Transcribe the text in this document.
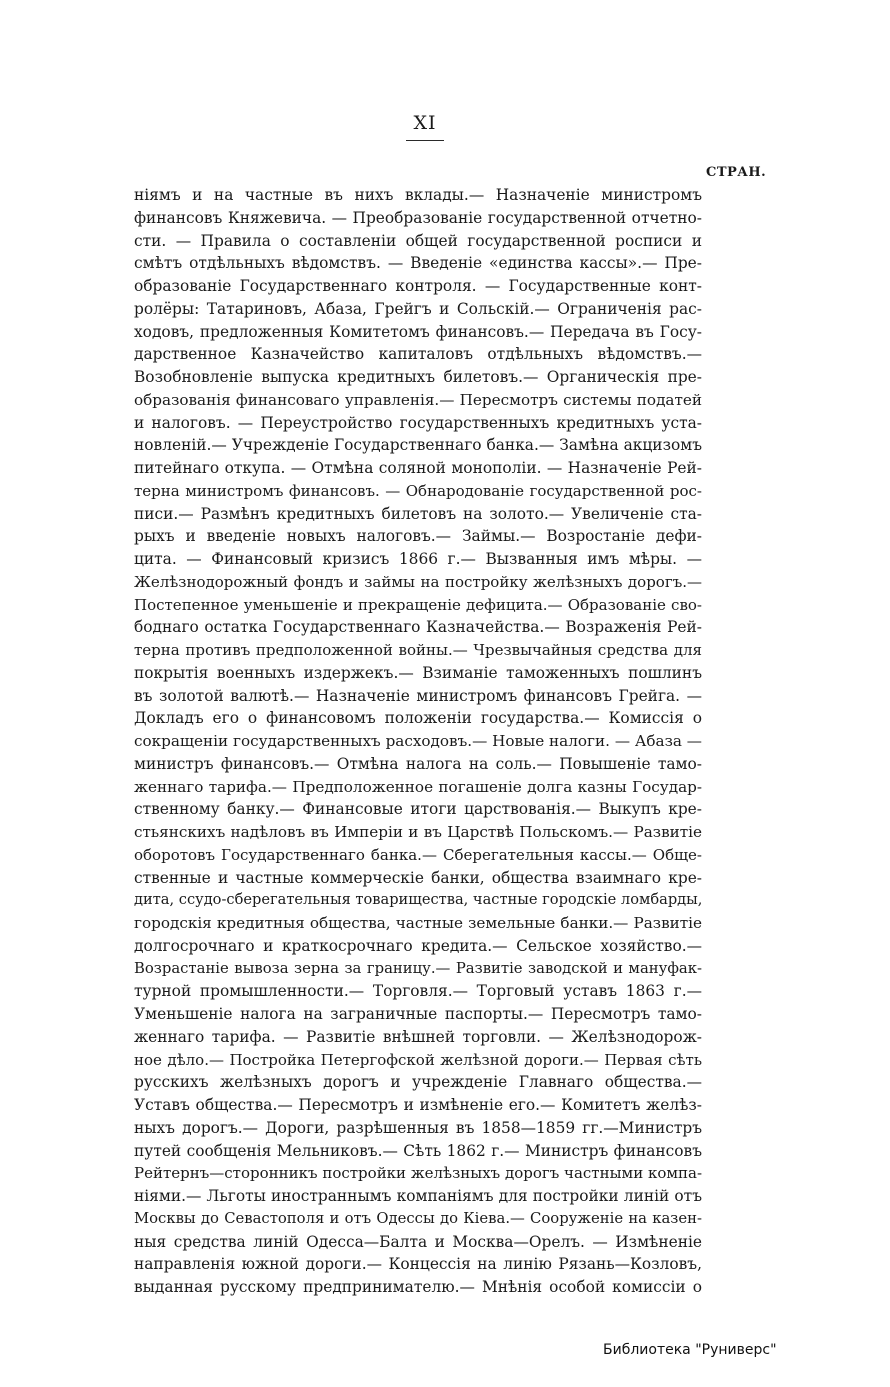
XI
СТРАН.
ніямъ и на частные въ нихъ вклады.— Назначеніе министромъ
финансовъ Княжевича. — Преобразованіе государственной отчетно-
сти. — Правила о составленіи общей государственной росписи и
смѣтъ отдѣльныхъ вѣдомствъ. — Введеніе «единства кассы».— Пре-
образованіе Государственнаго контроля. — Государственные конт-
ролёры: Татариновъ, Абаза, Грейгъ и Сольскій.— Ограниченія рас-
ходовъ, предложенныя Комитетомъ финансовъ.— Передача въ Госу-
дарственное Казначейство капиталовъ отдѣльныхъ вѣдомствъ.—
Возобновленіе выпуска кредитныхъ билетовъ.— Органическія пре-
образованія финансоваго управленія.— Пересмотръ системы податей
и налоговъ. — Переустройство государственныхъ кредитныхъ уста-
новленій.— Учрежденіе Государственнаго банка.— Замѣна акцизомъ
питейнаго откупа. — Отмѣна соляной монополіи. — Назначеніе Рей-
терна министромъ финансовъ. — Обнародованіе государственной рос-
писи.— Размѣнъ кредитныхъ билетовъ на золото.— Увеличеніе ста-
рыхъ и введеніе новыхъ налоговъ.— Займы.— Возростаніе дефи-
цита. — Финансовый кризисъ 1866 г.— Вызванныя имъ мѣры. —
Желѣзнодорожный фондъ и займы на постройку желѣзныхъ дорогъ.—
Постепенное уменьшеніе и прекращеніе дефицита.— Образованіе сво-
боднаго остатка Государственнаго Казначейства.— Возраженія Рей-
терна противъ предположенной войны.— Чрезвычайныя средства для
покрытія военныхъ издержекъ.— Взиманіе таможенныхъ пошлинъ
въ золотой валютѣ.— Назначеніе министромъ финансовъ Грейга. —
Докладъ его о финансовомъ положеніи государства.— Комиссія о
сокращеніи государственныхъ расходовъ.— Новые налоги. — Абаза —
министръ финансовъ.— Отмѣна налога на соль.— Повышеніе тамо-
женнаго тарифа.— Предположенное погашеніе долга казны Государ-
ственному банку.— Финансовые итоги царствованія.— Выкупъ кре-
стьянскихъ надѣловъ въ Имперіи и въ Царствѣ Польскомъ.— Развитіе
оборотовъ Государственнаго банка.— Сберегательныя кассы.— Обще-
ственные и частные коммерческіе банки, общества взаимнаго кре-
дита, ссудо-сберегательныя товарищества, частные городскіе ломбарды,
городскія кредитныя общества, частные земельные банки.— Развитіе
долгосрочнаго и краткосрочнаго кредита.— Сельское хозяйство.—
Возрастаніе вывоза зерна за границу.— Развитіе заводской и мануфак-
турной промышленности.— Торговля.— Торговый уставъ 1863 г.—
Уменьшеніе налога на заграничные паспорты.— Пересмотръ тамо-
женнаго тарифа. — Развитіе внѣшней торговли. — Желѣзнодорож-
ное дѣло.— Постройка Петергофской желѣзной дороги.— Первая сѣть
русскихъ желѣзныхъ дорогъ и учрежденіе Главнаго общества.—
Уставъ общества.— Пересмотръ и измѣненіе его.— Комитетъ желѣз-
ныхъ дорогъ.— Дороги, разрѣшенныя въ 1858—1859 гг.—Министръ
путей сообщенія Мельниковъ.— Сѣть 1862 г.— Министръ финансовъ
Рейтернъ—сторонникъ постройки желѣзныхъ дорогъ частными компа-
ніями.— Льготы иностраннымъ компаніямъ для постройки линій отъ
Москвы до Севастополя и отъ Одессы до Кіева.— Сооруженіе на казен-
ныя средства линій Одесса—Балта и Москва—Орелъ. — Измѣненіе
направленія южной дороги.— Концессія на линію Рязань—Козловъ,
выданная русскому предпринимателю.— Мнѣнія особой комиссіи о
Библиотека "Руниверс"
